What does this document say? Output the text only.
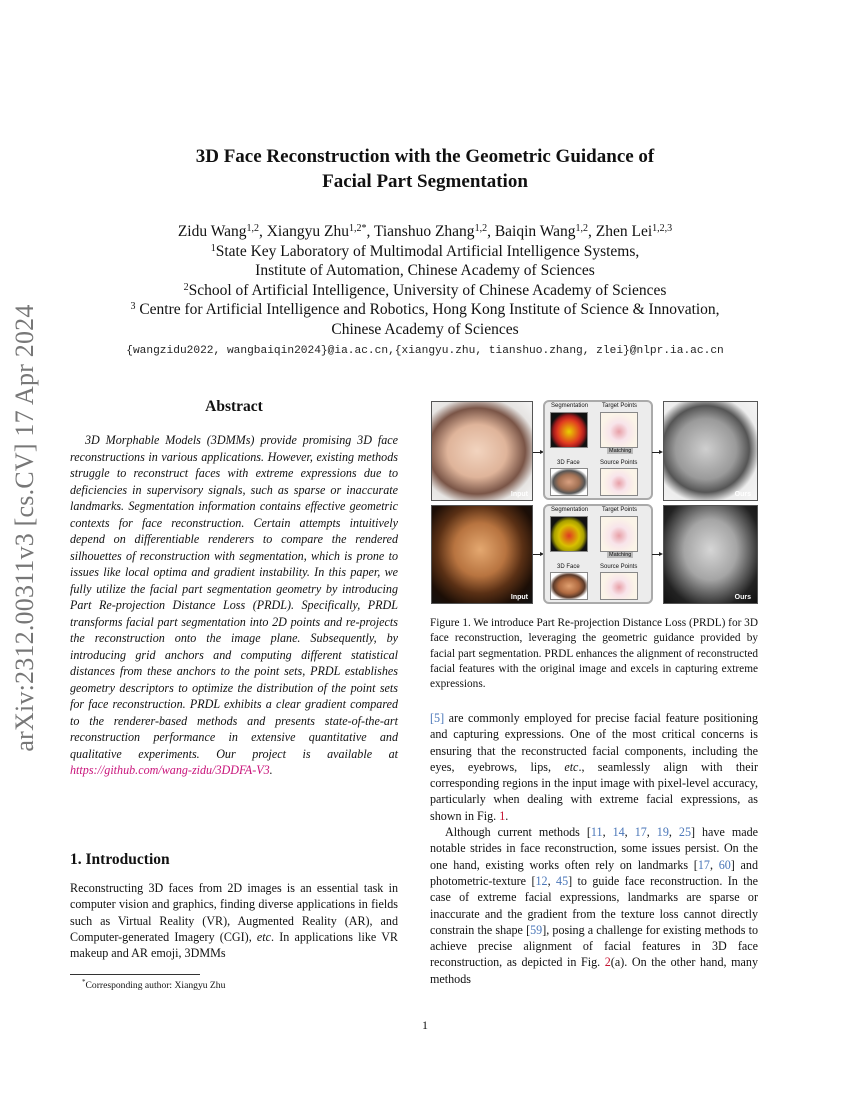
arXiv:2312.00311v3 [cs.CV] 17 Apr 2024
3D Face Reconstruction with the Geometric Guidance of
Facial Part Segmentation
Zidu Wang$^{1,2}$, Xiangyu Zhu$^{1,2*}$, Tianshuo Zhang$^{1,2}$, Baiqin Wang$^{1,2}$, Zhen Lei$^{1,2,3}$
$^1$State Key Laboratory of Multimodal Artificial Intelligence Systems,
Institute of Automation, Chinese Academy of Sciences
$^2$School of Artificial Intelligence, University of Chinese Academy of Sciences
$^3$ Centre for Artificial Intelligence and Robotics, Hong Kong Institute of Science & Innovation,
Chinese Academy of Sciences
{wangzidu2022, wangbaiqin2024}@ia.ac.cn,{xiangyu.zhu, tianshuo.zhang, zlei}@nlpr.ia.ac.cn
Abstract
3D Morphable Models (3DMMs) provide promising 3D face reconstructions in various applications. However, existing methods struggle to reconstruct faces with extreme expressions due to deficiencies in supervisory signals, such as sparse or inaccurate landmarks. Segmentation information contains effective geometric contexts for face reconstruction. Certain attempts intuitively depend on differentiable renderers to compare the rendered silhouettes of reconstruction with segmentation, which is prone to issues like local optima and gradient instability. In this paper, we fully utilize the facial part segmentation geometry by introducing Part Re-projection Distance Loss (PRDL). Specifically, PRDL transforms facial part segmentation into 2D points and re-projects the reconstruction onto the image plane. Subsequently, by introducing grid anchors and computing different statistical distances from these anchors to the point sets, PRDL establishes geometry descriptors to optimize the distribution of the point sets for face reconstruction. PRDL exhibits a clear gradient compared to the renderer-based methods and presents state-of-the-art reconstruction performance in extensive quantitative and qualitative experiments. Our project is available at https://github.com/wang-zidu/3DDFA-V3.
1. Introduction
Reconstructing 3D faces from 2D images is an essential task in computer vision and graphics, finding diverse applications in fields such as Virtual Reality (VR), Augmented Reality (AR), and Computer-generated Imagery (CGI), etc. In applications like VR makeup and AR emoji, 3DMMs
*Corresponding author: Xiangyu Zhu
Input
Segmentation Target Points
Matching
3D Face	Source Points
Ours
Input
Segmentation Target Points
Matching
3D Face	Source Points
Ours
Figure 1. We introduce Part Re-projection Distance Loss (PRDL) for 3D face reconstruction, leveraging the geometric guidance provided by facial part segmentation. PRDL enhances the alignment of reconstructed facial features with the original image and excels in capturing extreme expressions.

[5] are commonly employed for precise facial feature positioning and capturing expressions. One of the most critical concerns is ensuring that the reconstructed facial components, including the eyes, eyebrows, lips, etc., seamlessly align with their corresponding regions in the input image with pixel-level accuracy, particularly when dealing with extreme facial expressions, as shown in Fig. 1.

Although current methods [11, 14, 17, 19, 25] have made notable strides in face reconstruction, some issues persist. On the one hand, existing works often rely on landmarks [17, 60] and photometric-texture [12, 45] to guide face reconstruction. In the case of extreme facial expressions, landmarks are sparse or inaccurate and the gradient from the texture loss cannot directly constrain the shape [59], posing a challenge for existing methods to achieve precise alignment of facial features in 3D face reconstruction, as depicted in Fig. 2(a). On the other hand, many methods

1
